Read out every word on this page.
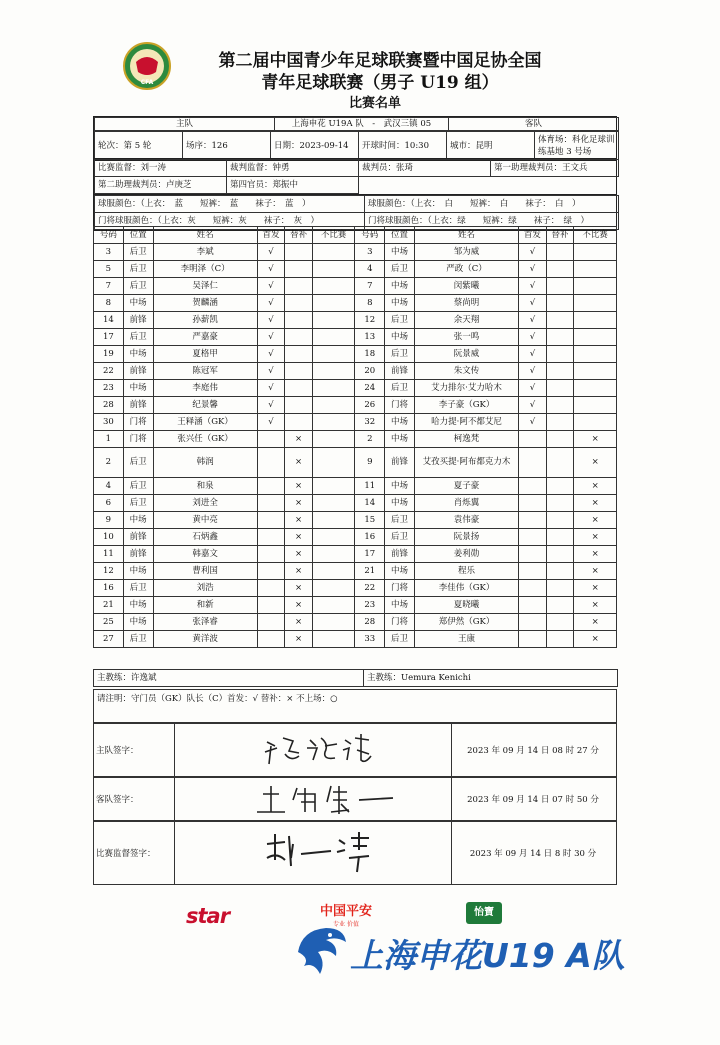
CFA
第二届中国青少年足球联赛暨中国足协全国
青年足球联赛（男子 U19 组）
比赛名单
主队	上海申花 U19A 队　-　武汉三镇 05	客队
轮次：第 5 轮	场序：126	日期：2023-09-14	开球时间：10:30	城市：昆明	体育场：科化足球训练基地 3 号场
比赛监督：刘一涛	裁判监督：钟勇	裁判员：张琦	第一助理裁判员：王文兵
第二助理裁判员：卢庚芝	第四官员：郑振中		
球服颜色：（上衣：　蓝　　短裤：　蓝　　袜子：　蓝　）	球服颜色：（上衣：　白　　短裤：　白　　袜子：　白　）
门将球服颜色：（上衣：灰　　短裤：灰　　袜子：　灰　）	门将球服颜色：（上衣：绿　　短裤：绿　　袜子：　绿　）
号码	位置	姓名	首发	替补	不比赛	号码	位置	姓名	首发	替补	不比赛
3	后卫	李斌	√			3	中场	邹为威	√		
5	后卫	李明泽（C）	√			4	后卫	严政（C）	√		
7	后卫	吴泽仁	√			7	中场	闵紫曦	√		
8	中场	贺麟涵	√			8	中场	蔡尚明	√		
14	前锋	孙薪凯	√			12	后卫	余天翔	√		
17	后卫	严嘉豪	√			13	中场	张一鸣	√		
19	中场	夏格甲	√			18	后卫	阮景威	√		
22	前锋	陈冠军	√			20	前锋	朱文传	√		
23	中场	李庭伟	√			24	后卫	艾力排尔·艾力哈木	√		
28	前锋	纪景馨	√			26	门将	李子豪（GK）	√		
30	门将	王释涵（GK）	√			32	中场	哈力提·阿不都艾尼	√		
1	门将	张兴任（GK）		×		2	中场	柯逸梵			×
2	后卫	韩润		×		9	前锋	艾孜买提·阿布都克力木			×
4	后卫	和泉		×		11	中场	夏子豪			×
6	后卫	刘进全		×		14	中场	肖烁翼			×
9	中场	黄中亮		×		15	后卫	袁伟豪			×
10	前锋	石炳鑫		×		16	后卫	阮景扬			×
11	前锋	韩嘉文		×		17	前锋	姜利勋			×
12	中场	曹利国		×		21	中场	程乐			×
16	后卫	刘浩		×		22	门将	李佳伟（GK）			×
21	中场	和新		×		23	中场	夏晓曦			×
25	中场	张泽睿		×		28	门将	郑伊然（GK）			×
27	后卫	黄洋波		×		33	后卫	王康			×
主教练：许逸斌	主教练：Uemura Kenichi
请注明：守门员（GK）队长（C）首发：√ 替补：× 不上场：○
主队签字：	2023 年 09 月 14 日 08 时 27 分
客队签字：	2023 年 09 月 14 日 07 时 50 分
比赛监督签字：	2023 年 09 月 14 日 8 时 30 分
star	中国平安
专业 价值
怡寶
上海申花U19 A队
